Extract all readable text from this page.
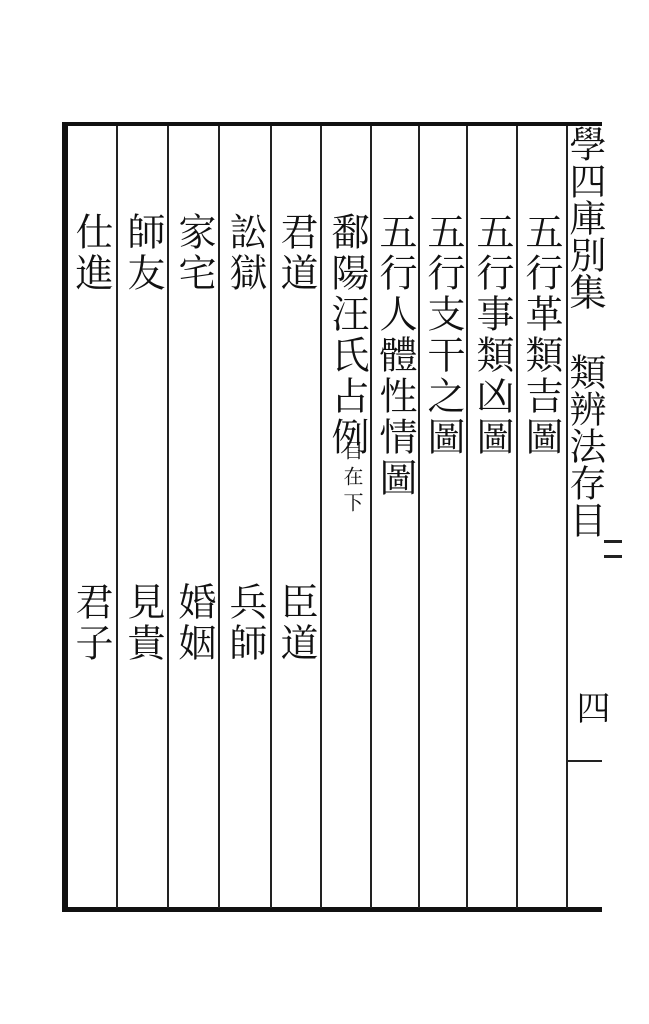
學四庫別集 類辨法存目
四
五行革類吉圖
五行事類凶圖
五行支干之圖
五行人體性情圖
鄱陽汪氏占例
目在下
君道
臣道
訟獄
兵師
家宅
婚姻
師友
見貴
仕進
君子
